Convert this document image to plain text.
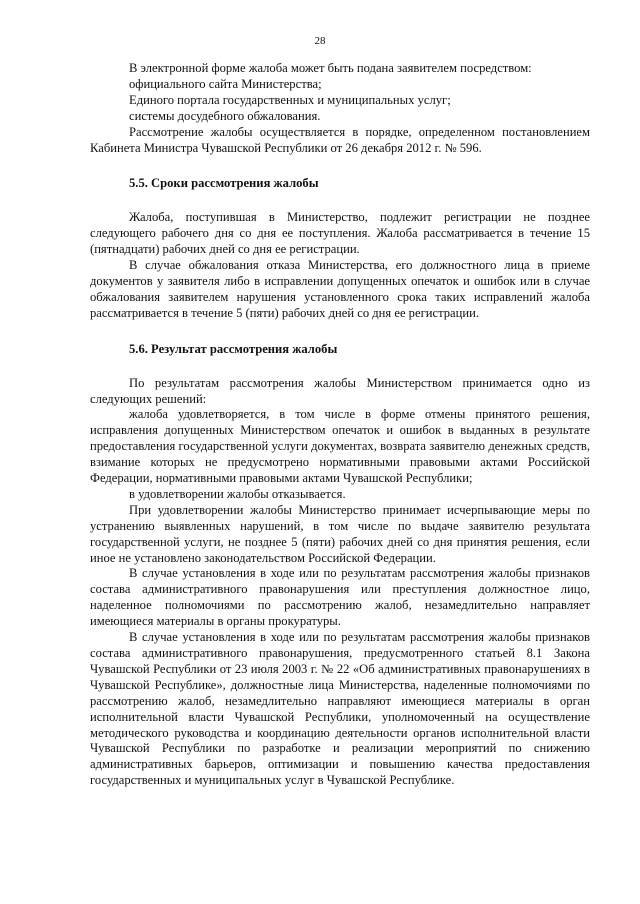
28

В электронной форме жалоба может быть подана заявителем посредством:

официального сайта Министерства;

Единого портала государственных и муниципальных услуг;

системы досудебного обжалования.

Рассмотрение жалобы осуществляется в порядке, определенном постановлением Кабинета Министра Чувашской Республики от 26 декабря 2012 г. № 596.

5.5. Сроки рассмотрения жалобы

Жалоба, поступившая в Министерство, подлежит регистрации не позднее следующего рабочего дня со дня ее поступления. Жалоба рассматривается в течение 15 (пятнадцати) рабочих дней со дня ее регистрации.

В случае обжалования отказа Министерства, его должностного лица в приеме документов у заявителя либо в исправлении допущенных опечаток и ошибок или в случае обжалования заявителем нарушения установленного срока таких исправлений жалоба рассматривается в течение 5 (пяти) рабочих дней со дня ее регистрации.

5.6. Результат рассмотрения жалобы

По результатам рассмотрения жалобы Министерством принимается одно из следующих решений:

жалоба удовлетворяется, в том числе в форме отмены принятого решения, исправления допущенных Министерством опечаток и ошибок в выданных в результате предоставления государственной услуги документах, возврата заявителю денежных средств, взимание которых не предусмотрено нормативными правовыми актами Российской Федерации, нормативными правовыми актами Чувашской Республики;

в удовлетворении жалобы отказывается.

При удовлетворении жалобы Министерство принимает исчерпывающие меры по устранению выявленных нарушений, в том числе по выдаче заявителю результата государственной услуги, не позднее 5 (пяти) рабочих дней со дня принятия решения, если иное не установлено законодательством Российской Федерации.

В случае установления в ходе или по результатам рассмотрения жалобы признаков состава административного правонарушения или преступления должностное лицо, наделенное полномочиями по рассмотрению жалоб, незамедлительно направляет имеющиеся материалы в органы прокуратуры.

В случае установления в ходе или по результатам рассмотрения жалобы признаков состава административного правонарушения, предусмотренного статьей 8.1 Закона Чувашской Республики от 23 июля 2003 г. № 22 «Об административных правонарушениях в Чувашской Республике», должностные лица Министерства, наделенные полномочиями по рассмотрению жалоб, незамедлительно направляют имеющиеся материалы в орган исполнительной власти Чувашской Республики, уполномоченный на осуществление методического руководства и координацию деятельности органов исполнительной власти Чувашской Республики по разработке и реализации мероприятий по снижению административных барьеров, оптимизации и повышению качества предоставления государственных и муниципальных услуг в Чувашской Республике.
